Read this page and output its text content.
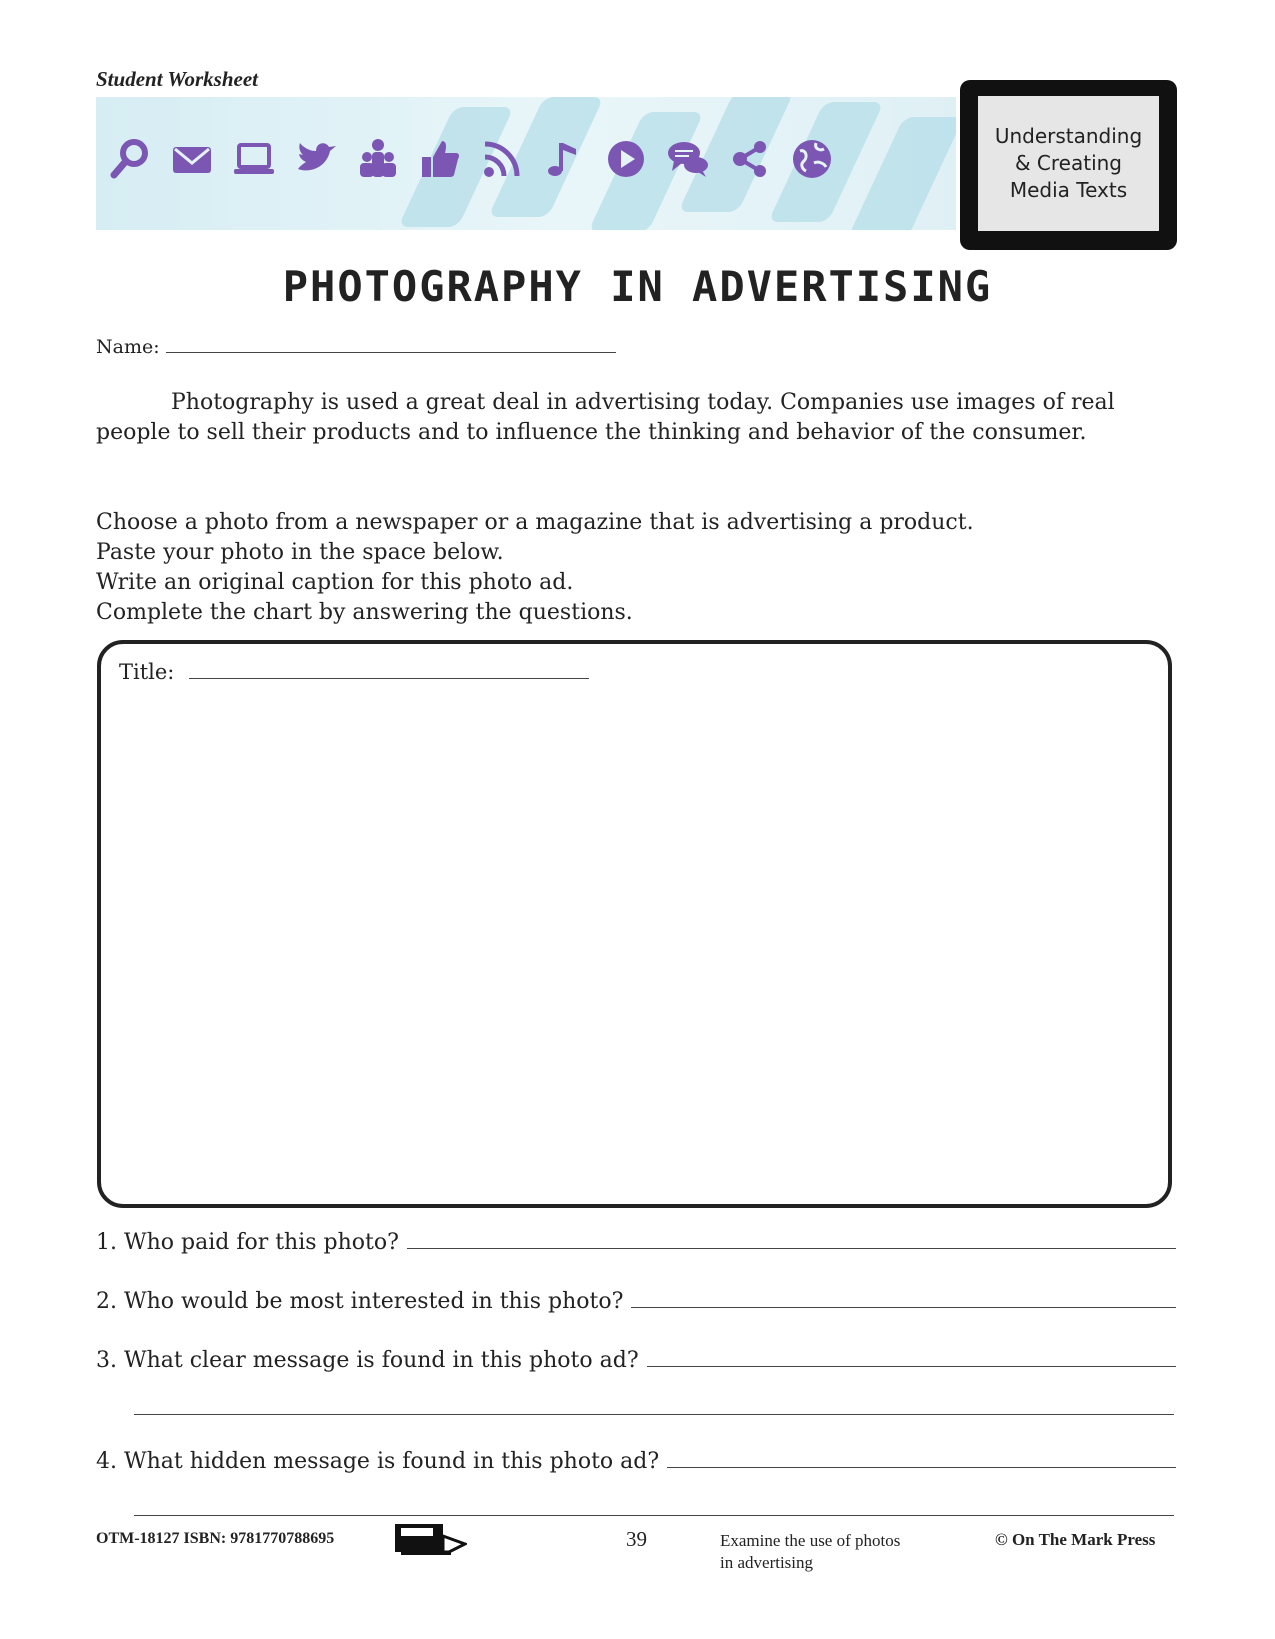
Student Worksheet
Understanding
& Creating
Media Texts
PHOTOGRAPHY IN ADVERTISING
Name:
Photography is used a great deal in advertising today. Companies use images of real people to sell their products and to influence the thinking and behavior of the consumer.
Choose a photo from a newspaper or a magazine that is advertising a product.
Paste your photo in the space below.
Write an original caption for this photo ad.
Complete the chart by answering the questions.
Title:
1. Who paid for this photo?
2. Who would be most interested in this photo?
3. What clear message is found in this photo ad?
4. What hidden message is found in this photo ad?
OTM-18127 ISBN: 9781770788695	39	Examine the use of photos
in advertising
© On The Mark Press
